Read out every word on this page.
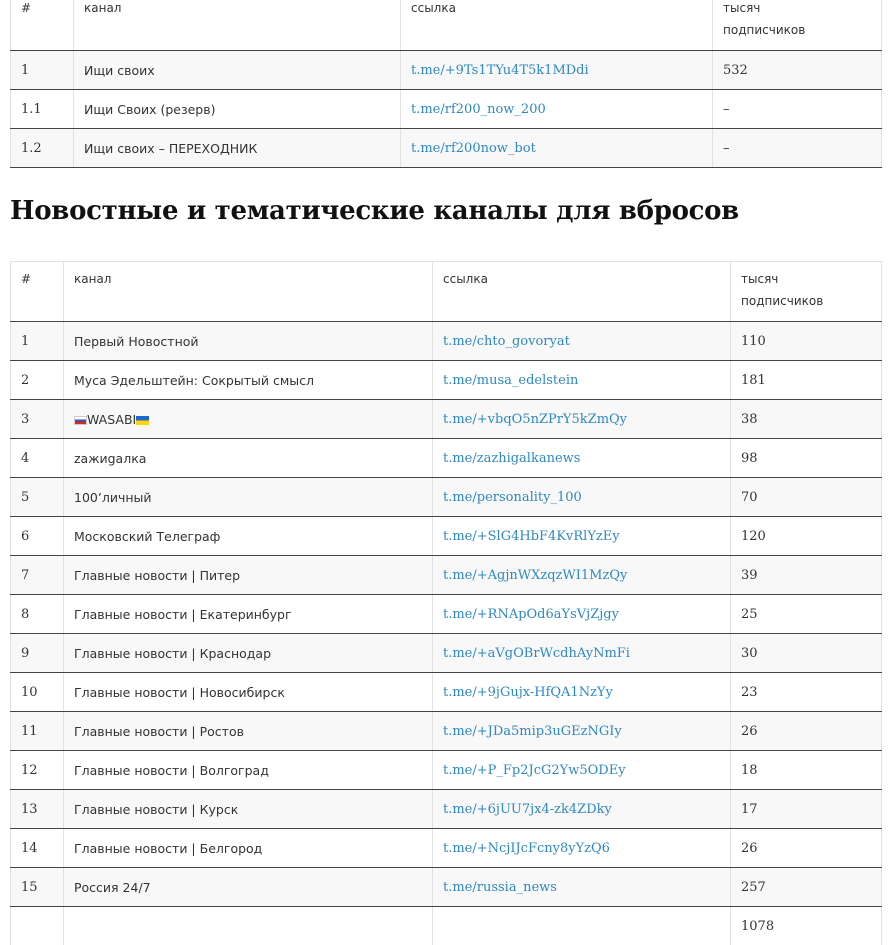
#	канал	ссылка	тысяч
подписчиков
1	Ищи своих	t.me/+9Ts1TYu4T5k1MDdi	532
1.1	Ищи Своих (резерв)	t.me/rf200_now_200	–
1.2	Ищи своих – ПЕРЕХОДНИК	t.me/rf200now_bot	–
Новостные и тематические каналы для вбросов
#	канал	ссылка	тысяч
подписчиков
1	Первый Новостной	t.me/chto_govoryat	110
2	Муса Эдельштейн: Сокрытый смысл	t.me/musa_edelstein	181
3	WASABI	t.me/+vbqO5nZPrY5kZmQy	38
4	zажиgалка	t.me/zazhigalkanews	98
5	100’личный	t.me/personality_100	70
6	Московский Телеграф	t.me/+SlG4HbF4KvRlYzEy	120
7	Главные новости | Питер	t.me/+AgjnWXzqzWI1MzQy	39
8	Главные новости | Екатеринбург	t.me/+RNApOd6aYsVjZjgy	25
9	Главные новости | Краснодар	t.me/+aVgOBrWcdhAyNmFi	30
10	Главные новости | Новосибирск	t.me/+9jGujx-HfQA1NzYy	23
11	Главные новости | Ростов	t.me/+JDa5mip3uGEzNGIy	26
12	Главные новости | Волгоград	t.me/+P_Fp2JcG2Yw5ODEy	18
13	Главные новости | Курск	t.me/+6jUU7jx4-zk4ZDky	17
14	Главные новости | Белгород	t.me/+NcjIJcFcny8yYzQ6	26
15	Россия 24/7	t.me/russia_news	257
			1078
